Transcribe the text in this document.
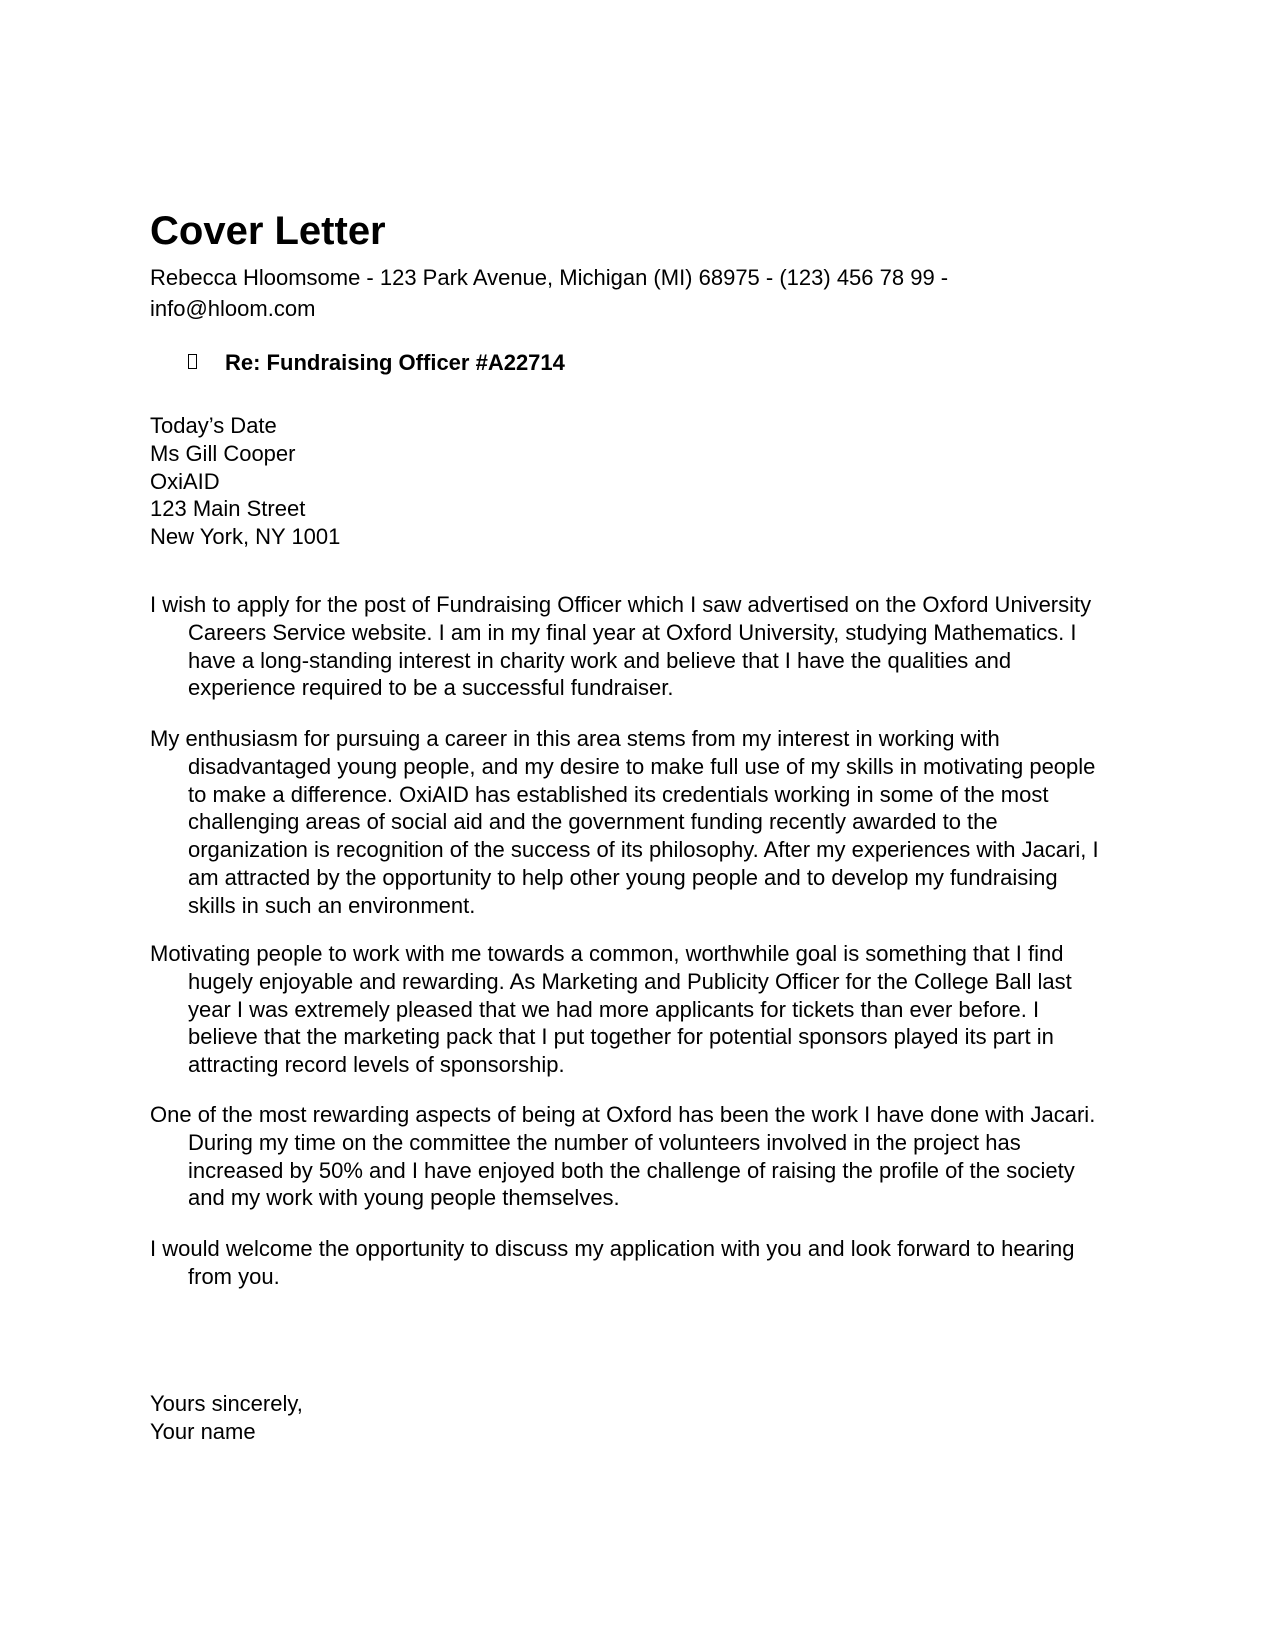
Cover Letter
Rebecca Hloomsome - 123 Park Avenue, Michigan (MI) 68975 - (123) 456 78 99 - info@hloom.com
Re: Fundraising Officer #A22714
Today’s Date
Ms Gill Cooper
OxiAID
123 Main Street
New York, NY 1001

I wish to apply for the post of Fundraising Officer which I saw advertised on the Oxford University Careers Service website. I am in my final year at Oxford University, studying Mathematics. I have a long-standing interest in charity work and believe that I have the qualities and experience required to be a successful fundraiser.

My enthusiasm for pursuing a career in this area stems from my interest in working with disadvantaged young people, and my desire to make full use of my skills in motivating people to make a difference. OxiAID has established its credentials working in some of the most challenging areas of social aid and the government funding recently awarded to the organization is recognition of the success of its philosophy. After my experiences with Jacari, I am attracted by the opportunity to help other young people and to develop my fundraising skills in such an environment.

Motivating people to work with me towards a common, worthwhile goal is something that I find hugely enjoyable and rewarding. As Marketing and Publicity Officer for the College Ball last year I was extremely pleased that we had more applicants for tickets than ever before. I believe that the marketing pack that I put together for potential sponsors played its part in attracting record levels of sponsorship.

One of the most rewarding aspects of being at Oxford has been the work I have done with Jacari. During my time on the committee the number of volunteers involved in the project has increased by 50% and I have enjoyed both the challenge of raising the profile of the society and my work with young people themselves.

I would welcome the opportunity to discuss my application with you and look forward to hearing from you.

Yours sincerely,
Your name
